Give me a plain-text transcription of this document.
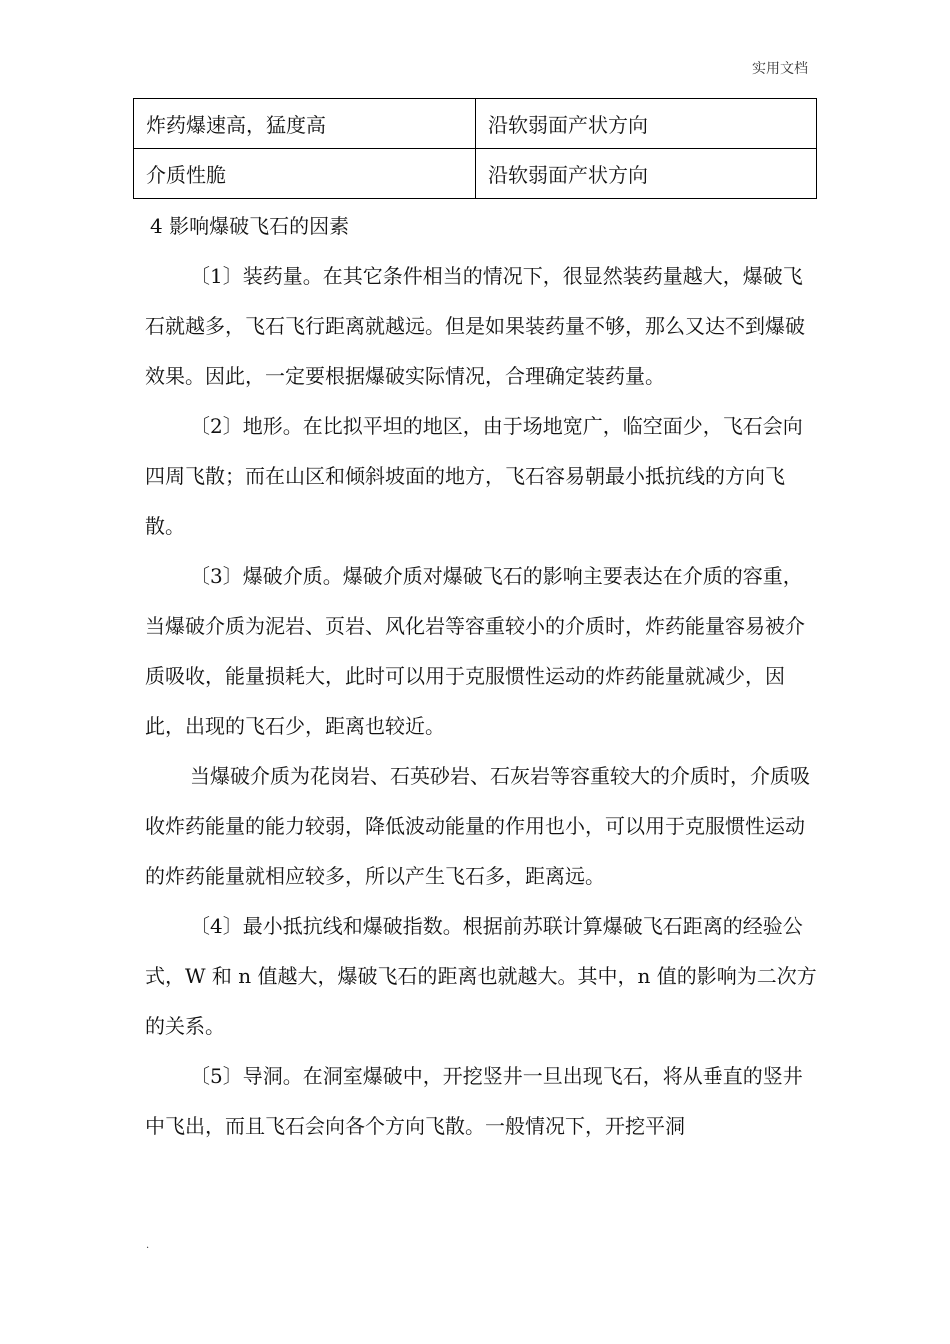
实用文档
炸药爆速高，猛度高	沿软弱面产状方向
介质性脆	沿软弱面产状方向
4 影响爆破飞石的因素

〔1〕装药量。在其它条件相当的情况下，很显然装药量越大，爆破飞石就越多，飞石飞行距离就越远。但是如果装药量不够，那么又达不到爆破效果。因此，一定要根据爆破实际情况，合理确定装药量。

〔2〕地形。在比拟平坦的地区，由于场地宽广，临空面少，飞石会向四周飞散；而在山区和倾斜坡面的地方，飞石容易朝最小抵抗线的方向飞散。

〔3〕爆破介质。爆破介质对爆破飞石的影响主要表达在介质的容重，当爆破介质为泥岩、页岩、风化岩等容重较小的介质时，炸药能量容易被介质吸收，能量损耗大，此时可以用于克服惯性运动的炸药能量就减少，因此，出现的飞石少，距离也较近。

当爆破介质为花岗岩、石英砂岩、石灰岩等容重较大的介质时，介质吸收炸药能量的能力较弱，降低波动能量的作用也小，可以用于克服惯性运动的炸药能量就相应较多，所以产生飞石多，距离远。

〔4〕最小抵抗线和爆破指数。根据前苏联计算爆破飞石距离的经验公式，W 和 n 值越大，爆破飞石的距离也就越大。其中，n 值的影响为二次方的关系。

〔5〕导洞。在洞室爆破中，开挖竖井一旦出现飞石，将从垂直的竖井中飞出，而且飞石会向各个方向飞散。一般情况下，开挖平洞

.
